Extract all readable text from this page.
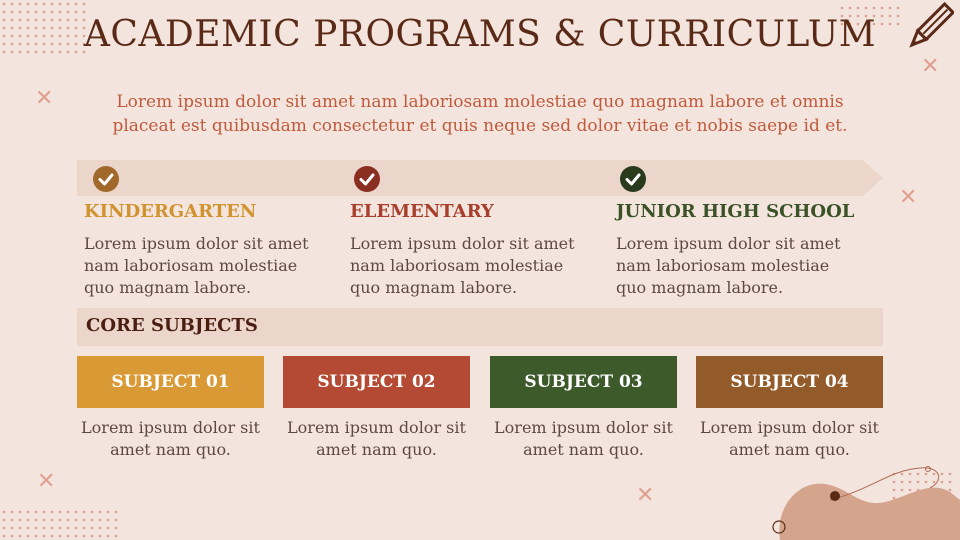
✕
✕
✕
✕
✕
ACADEMIC PROGRAMS & CURRICULUM
Lorem ipsum dolor sit amet nam laboriosam molestiae quo magnam labore et omnis placeat est quibusdam consectetur et quis neque sed dolor vitae et nobis saepe id et.
KINDERGARTEN
Lorem ipsum dolor sit amet nam laboriosam molestiae quo magnam labore.
ELEMENTARY
Lorem ipsum dolor sit amet nam laboriosam molestiae quo magnam labore.
JUNIOR HIGH SCHOOL
Lorem ipsum dolor sit amet nam laboriosam molestiae quo magnam labore.
CORE SUBJECTS
SUBJECT 01
Lorem ipsum dolor sit amet nam quo.
SUBJECT 02
Lorem ipsum dolor sit amet nam quo.
SUBJECT 03
Lorem ipsum dolor sit amet nam quo.
SUBJECT 04
Lorem ipsum dolor sit amet nam quo.
